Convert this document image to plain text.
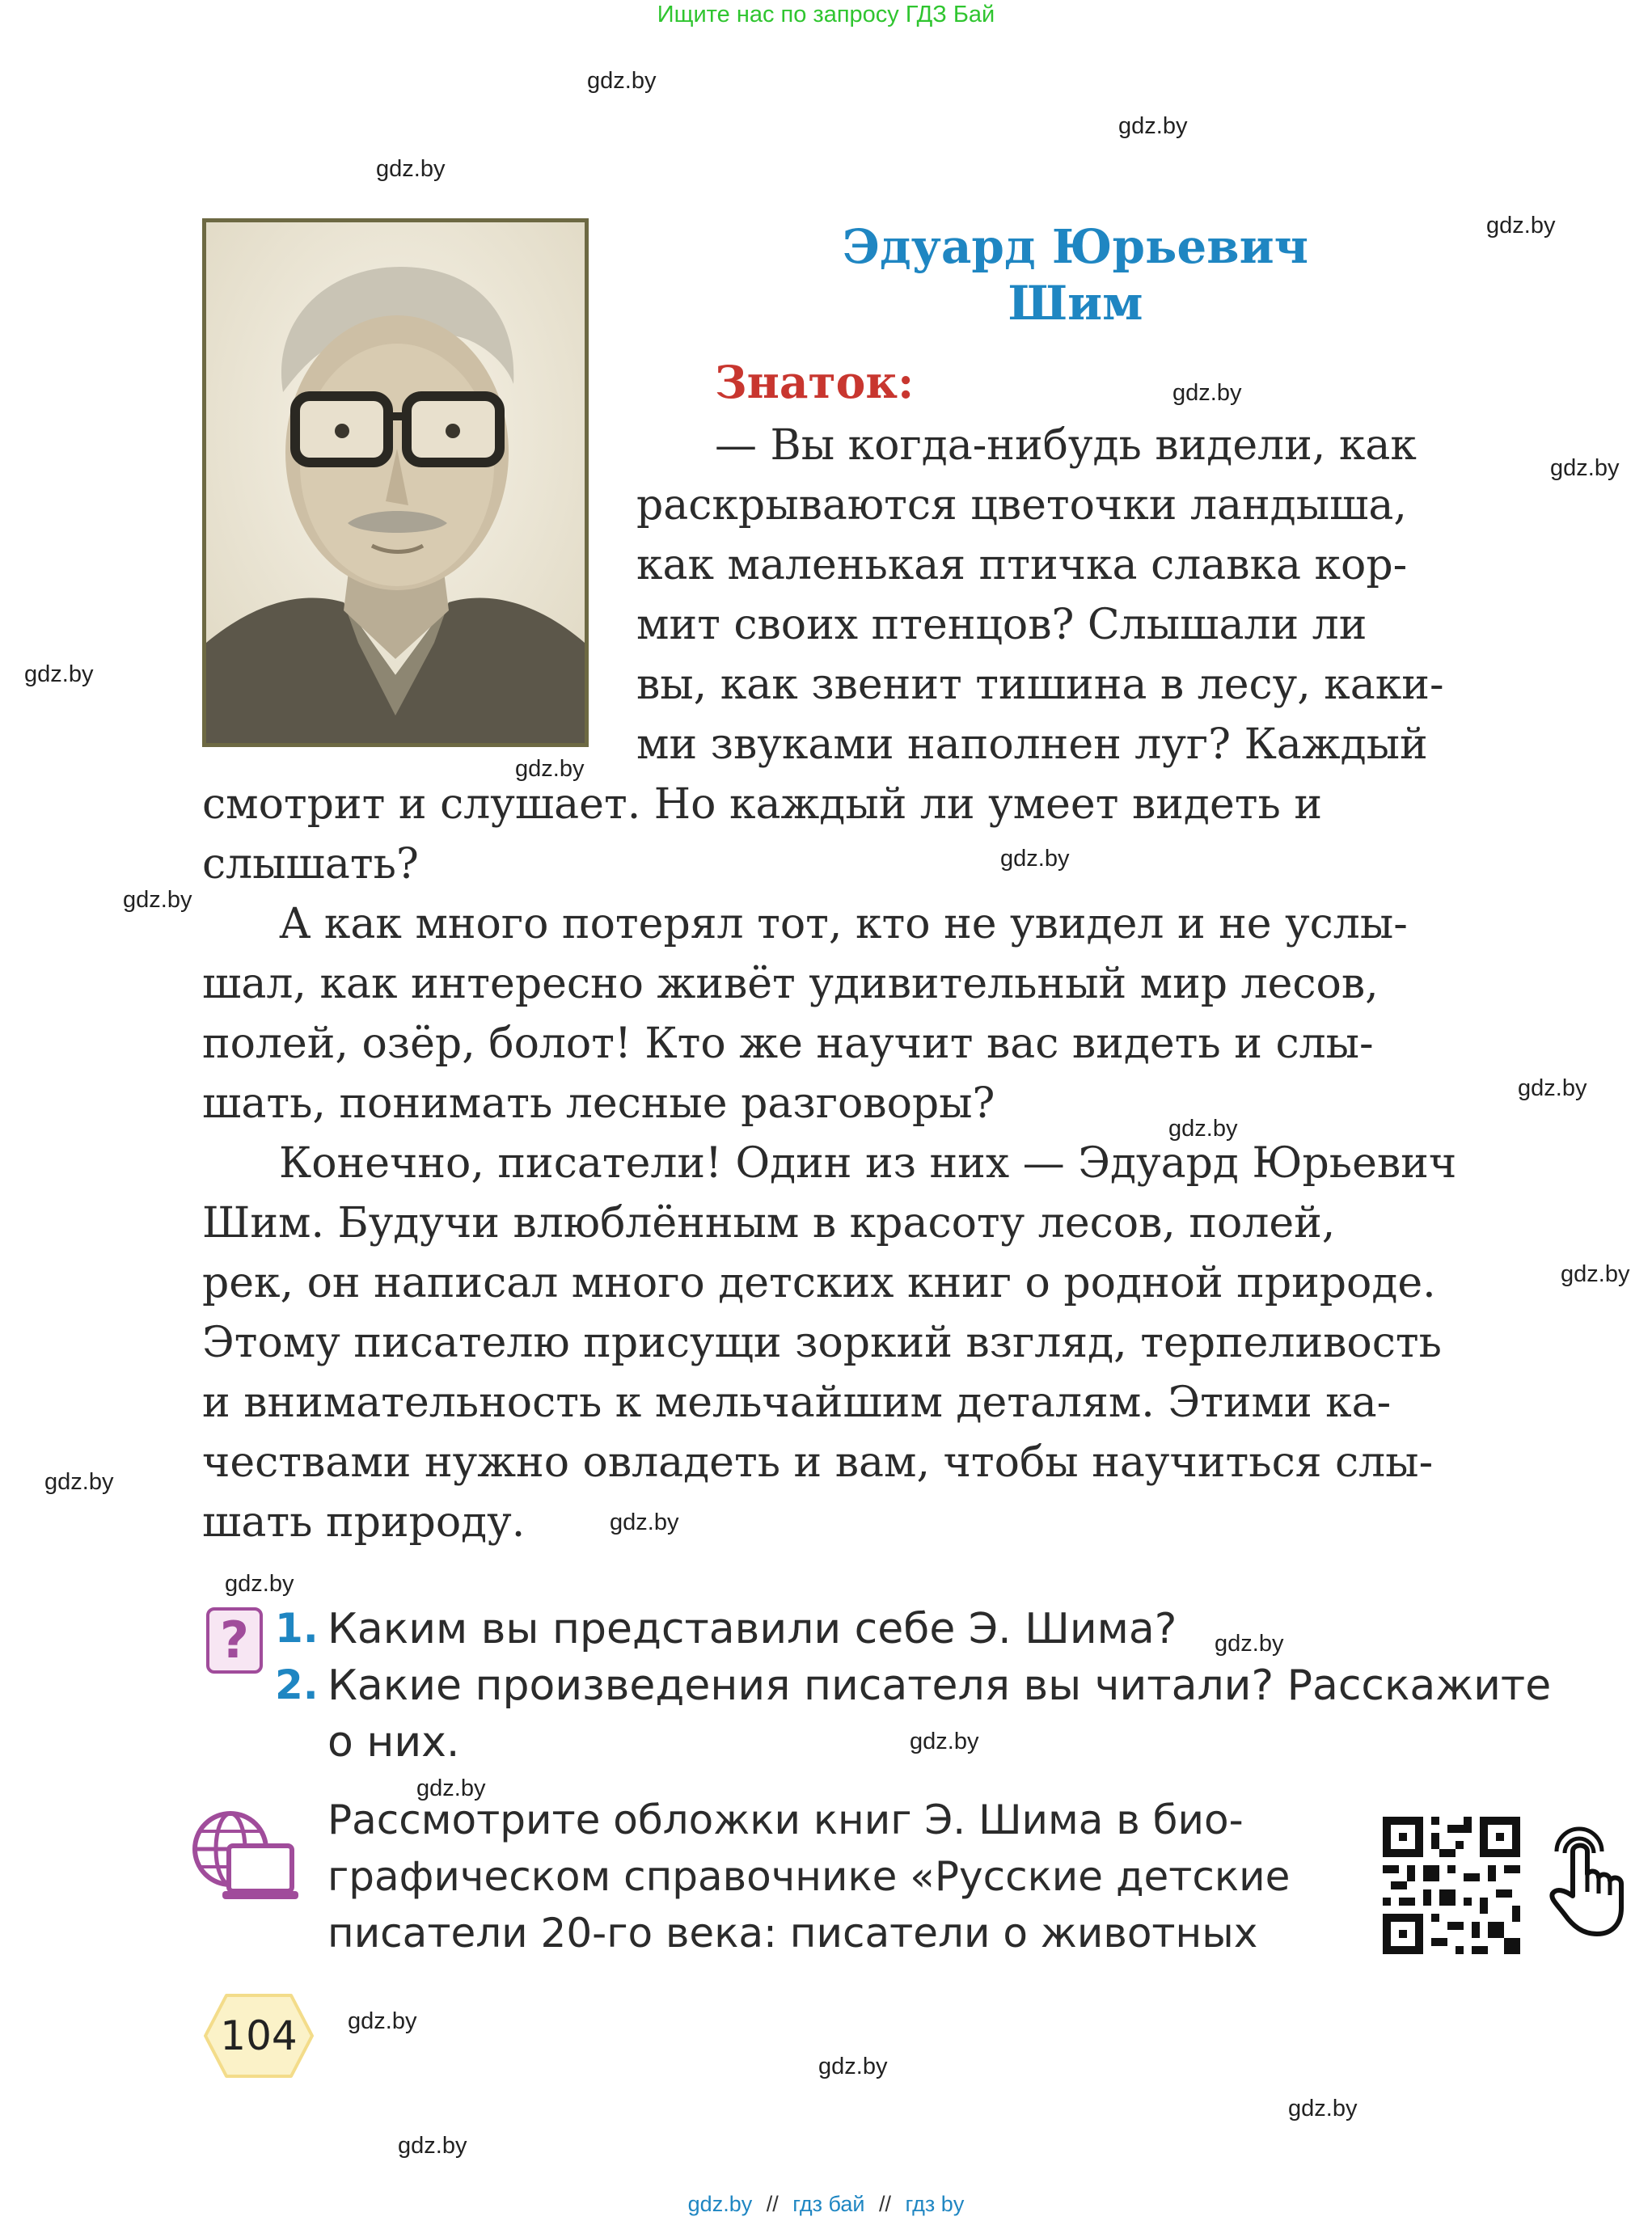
Ищите нас по запросу ГДЗ Бай
gdz.by
gdz.by
gdz.by
gdz.by
gdz.by
gdz.by
gdz.by
gdz.by
gdz.by
gdz.by
gdz.by
gdz.by
gdz.by
gdz.by
gdz.by
gdz.by
gdz.by
gdz.by
gdz.by
gdz.by
gdz.by
gdz.by
gdz.by
Эдуард Юрьевич
Шим
Знаток:
— Вы когда-нибудь видели, как
раскрываются цветочки ландыша,
как маленькая птичка славка кор-
мит своих птенцов? Слышали ли
вы, как звенит тишина в лесу, каки-
ми звуками наполнен луг? Каждый
смотрит и слушает. Но каждый ли умеет видеть и
слышать?
А как много потерял тот, кто не увидел и не услы-
шал, как интересно живёт удивительный мир лесов,
полей, озёр, болот! Кто же научит вас видеть и слы-
шать, понимать лесные разговоры?
Конечно, писатели! Один из них — Эдуард Юрьевич
Шим. Будучи влюблённым в красоту лесов, полей,
рек, он написал много детских книг о родной природе.
Этому писателю присущи зоркий взгляд, терпеливость
и внимательность к мельчайшим деталям. Этими ка-
чествами нужно овладеть и вам, чтобы научиться слы-
шать природу.
? 1. Каким вы представили себе Э. Шима?
2. Какие произведения писателя вы читали? Расскажите
о них.
Рассмотрите обложки книг Э. Шима в био-
графическом справочнике «Русские детские
писатели 20-го века: писатели о животных
104
gdz.by // гдз бай // гдз by
